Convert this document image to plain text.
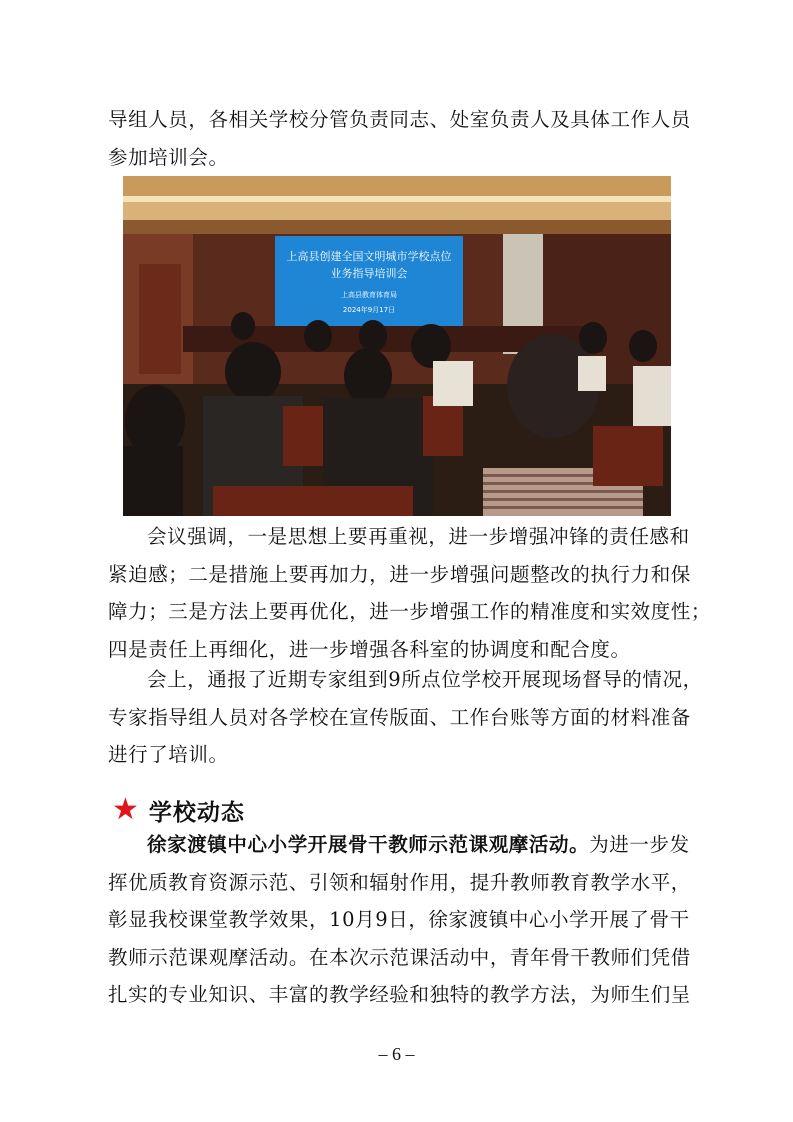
导组人员，各相关学校分管负责同志、处室负责人及具体工作人员
参加培训会。
上高县创建全国文明城市学校点位
业务指导培训会
上高县教育体育局
2024年9月17日
会议强调，一是思想上要再重视，进一步增强冲锋的责任感和
紧迫感；二是措施上要再加力，进一步增强问题整改的执行力和保
障力；三是方法上要再优化，进一步增强工作的精准度和实效度性；
四是责任上再细化，进一步增强各科室的协调度和配合度。
会上，通报了近期专家组到9所点位学校开展现场督导的情况，
专家指导组人员对各学校在宣传版面、工作台账等方面的材料准备
进行了培训。
★ 学校动态
徐家渡镇中心小学开展骨干教师示范课观摩活动。为进一步发
挥优质教育资源示范、引领和辐射作用，提升教师教育教学水平，
彰显我校课堂教学效果，10月9日，徐家渡镇中心小学开展了骨干
教师示范课观摩活动。在本次示范课活动中，青年骨干教师们凭借
扎实的专业知识、丰富的教学经验和独特的教学方法，为师生们呈
– 6 –
